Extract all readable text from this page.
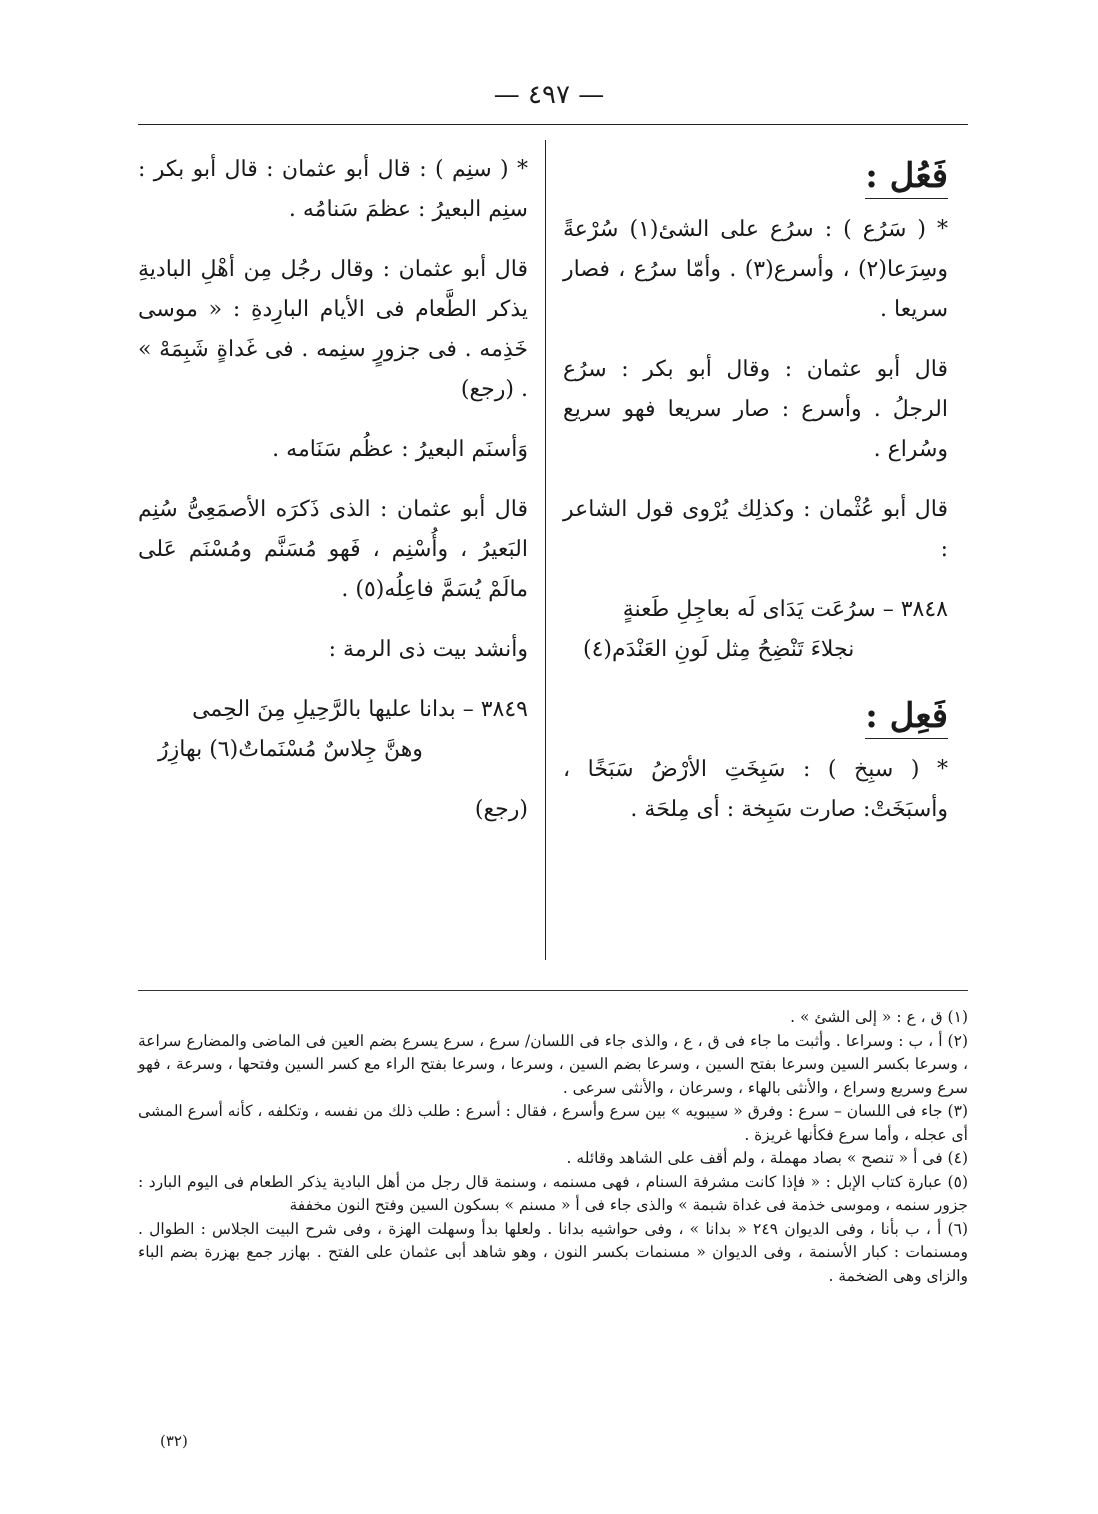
— ٤٩٧ —
فَعُل :

* ( سَرُع ) : سرُع على الشئ(١) سُرْعةً وسِرَعا(٢) ، وأسرع(٣) . وأمّا سرُع ، فصار سريعا .

قال أبو عثمان : وقال أبو بكر : سرُع الرجلُ . وأسرع : صار سريعا فهو سريع وسُراع .

قال أبو عُثْمان : وكذلِك يُرْوى قول الشاعر :

٣٨٤٨ – سرُعَت يَدَاى لَه بعاجِلِ طَعنةٍ
نجلاءَ تَنْضِحُ مِثل لَونِ العَنْدَم(٤)
فَعِل :

* ( سبِخ ) : سَبِخَتِ الأرْضُ سَبَخًا ، وأسبَخَتْ: صارت سَبِخة : أى مِلحَة .

* ( سنِم ) : قال أبو عثمان : قال أبو بكر : سنِم البعيرُ : عظمَ سَنامُه .

قال أبو عثمان : وقال رجُل مِن أهْلِ الباديةِ يذكر الطَّعام فى الأيام البارِدةِ : « موسى خَذِمه . فى جزورٍ سنِمه . فى غَداةٍ شَبِمَهْ » . (رجع)

وَأسنَم البعيرُ : عظُم سَنَامه .

قال أبو عثمان : الذى ذَكرَه الأصمَعِىُّ سُنِم البَعيرُ ، وأُسْنِم ، فَهو مُسَنَّم ومُسْنَم عَلى مالَمْ يُسَمَّ فاعِلُه(٥) .

وأنشد بيت ذى الرمة :

٣٨٤٩ – بدانا عليها بالرَّحِيلِ مِنَ الحِمى
وهنَّ جِلاسٌ مُسْنَماتٌ(٦) بهازِرُ
(رجع)

(١) ق ، ع : « إلى الشئ » .

(٢) أ ، ب : وسراعا . وأثبت ما جاء فى ق ، ع ، والذى جاء فى اللسان/ سرع ، سرع يسرع بضم العين فى الماضى والمضارع سراعة ، وسرعا بكسر السين وسرعا بفتح السين ، وسرعا بضم السين ، وسرعا ، وسرعا بفتح الراء مع كسر السين وفتحها ، وسرعة ، فهو سرع وسريع وسراع ، والأنثى بالهاء ، وسرعان ، والأنثى سرعى .

(٣) جاء فى اللسان – سرع : وفرق « سيبويه » بين سرع وأسرع ، فقال : أسرع : طلب ذلك من نفسه ، وتكلفه ، كأنه أسرع المشى أى عجله ، وأما سرع فكأنها غريزة .

(٤) فى أ « تنصح » بصاد مهملة ، ولم أقف على الشاهد وقائله .

(٥) عبارة كتاب الإبل : « فإذا كانت مشرفة السنام ، فهى مسنمه ، وسنمة قال رجل من أهل البادية يذكر الطعام فى اليوم البارد : جزور سنمه ، وموسى خذمة فى غداة شبمة » والذى جاء فى أ « مسنم » بسكون السين وفتح النون مخففة

(٦) أ ، ب بأنا ، وفى الديوان ٢٤٩ « بدانا » ، وفى حواشيه بدانا . ولعلها بدأ وسهلت الهزة ، وفى شرح البيت الجلاس : الطوال . ومسنمات : كبار الأسنمة ، وفى الديوان « مسنمات بكسر النون ، وهو شاهد أبى عثمان على الفتح . بهازر جمع بهزرة بضم الباء والزاى وهى الضخمة .

(٣٢)
